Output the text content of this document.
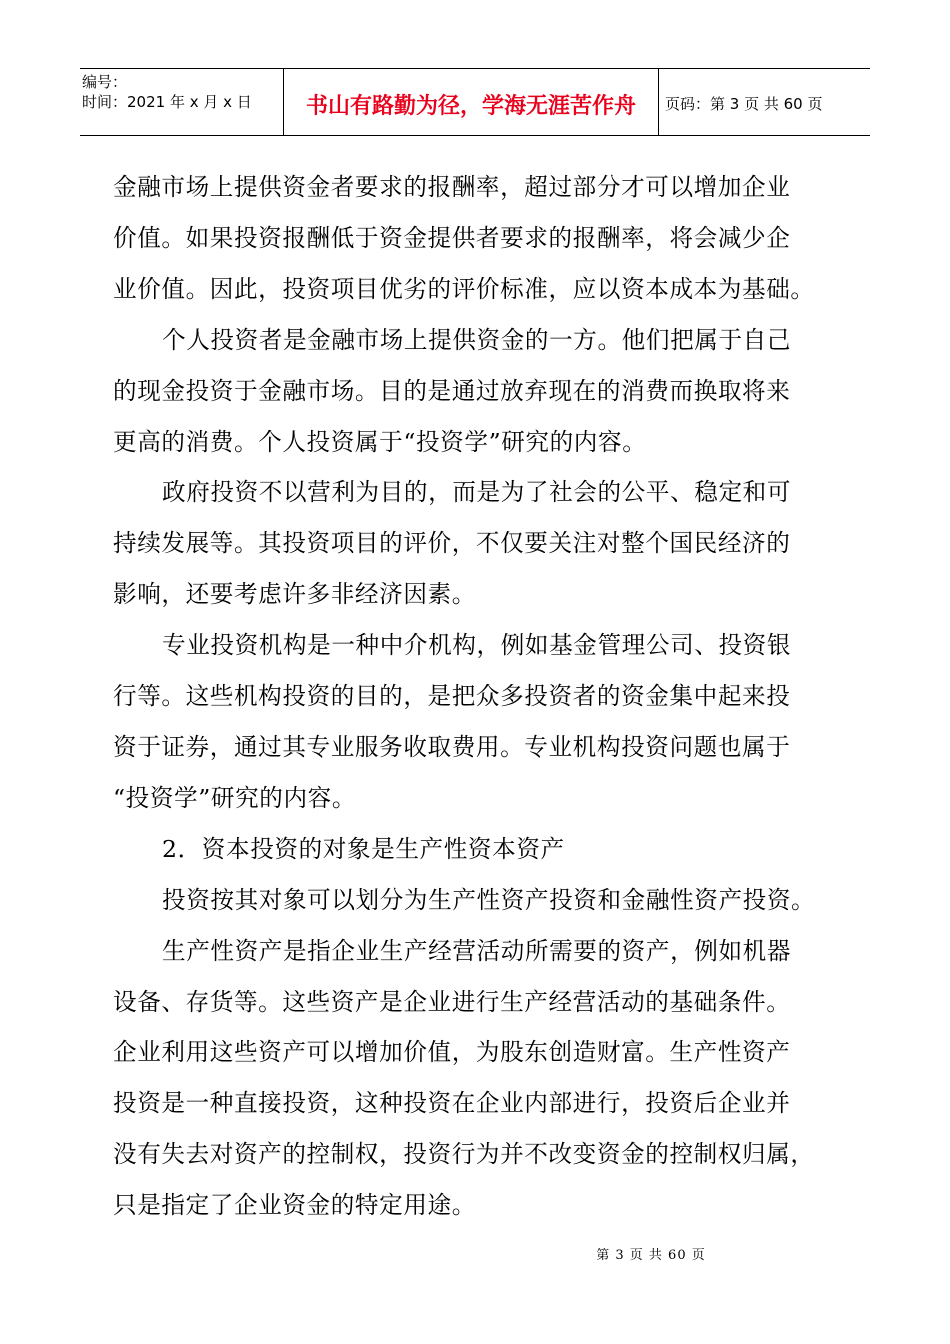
编号：
时间：2021 年 x 月 x 日	书山有路勤为径，学海无涯苦作舟 页码：第 3 页 共 60 页

金融市场上提供资金者要求的报酬率，超过部分才可以增加企业
价值。如果投资报酬低于资金提供者要求的报酬率，将会减少企
业价值。因此，投资项目优劣的评价标准，应以资本成本为基础。

个人投资者是金融市场上提供资金的一方。他们把属于自己
的现金投资于金融市场。目的是通过放弃现在的消费而换取将来
更高的消费。个人投资属于“投资学”研究的内容。

政府投资不以营利为目的，而是为了社会的公平、稳定和可
持续发展等。其投资项目的评价，不仅要关注对整个国民经济的
影响，还要考虑许多非经济因素。

专业投资机构是一种中介机构，例如基金管理公司、投资银
行等。这些机构投资的目的，是把众多投资者的资金集中起来投
资于证券，通过其专业服务收取费用。专业机构投资问题也属于
“投资学”研究的内容。

2．资本投资的对象是生产性资本资产

投资按其对象可以划分为生产性资产投资和金融性资产投资。

生产性资产是指企业生产经营活动所需要的资产，例如机器
设备、存货等。这些资产是企业进行生产经营活动的基础条件。
企业利用这些资产可以增加价值，为股东创造财富。生产性资产
投资是一种直接投资，这种投资在企业内部进行，投资后企业并
没有失去对资产的控制权，投资行为并不改变资金的控制权归属，
只是指定了企业资金的特定用途。

第 3 页 共 60 页
